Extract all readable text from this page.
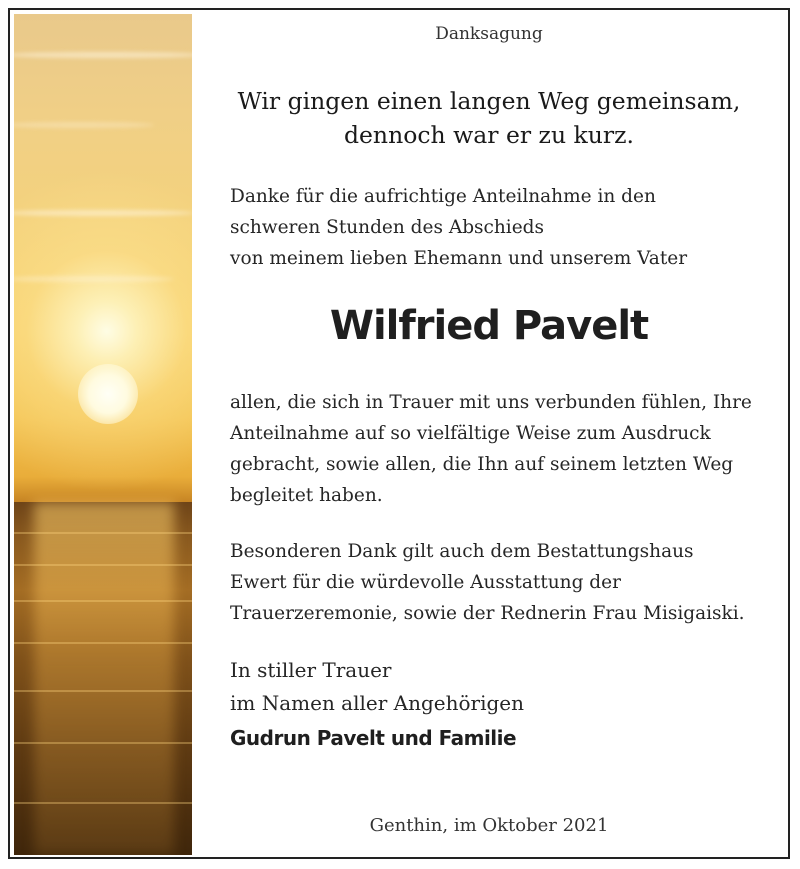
Danksagung

Wir gingen einen langen Weg gemeinsam,
dennoch war er zu kurz.

Danke für die aufrichtige Anteilnahme in den
schweren Stunden des Abschieds
von meinem lieben Ehemann und unserem Vater

Wilfried Pavelt

allen, die sich in Trauer mit uns verbunden fühlen, Ihre
Anteilnahme auf so vielfältige Weise zum Ausdruck
gebracht, sowie allen, die Ihn auf seinem letzten Weg
begleitet haben.

Besonderen Dank gilt auch dem Bestattungshaus
Ewert für die würdevolle Ausstattung der
Trauerzeremonie, sowie der Rednerin Frau Misigaiski.

In stiller Trauer
im Namen aller Angehörigen

Gudrun Pavelt und Familie

Genthin, im Oktober 2021
